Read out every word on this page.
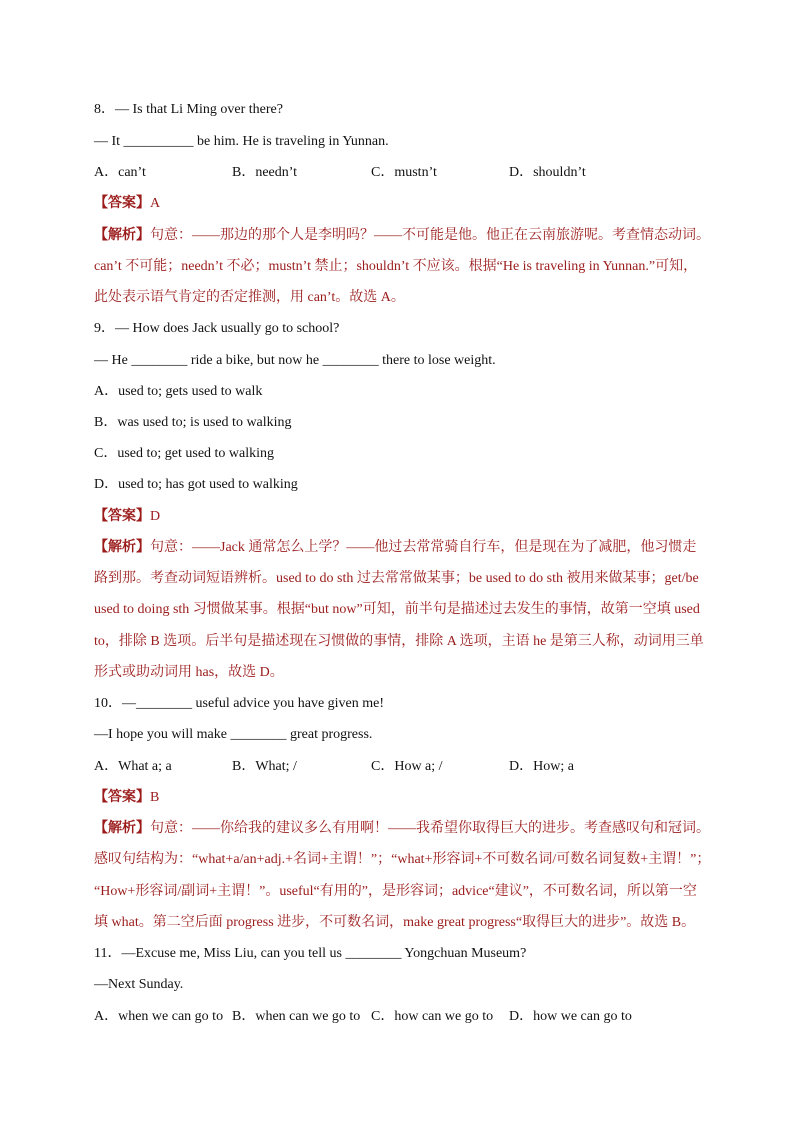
8．— Is that Li Ming over there?
— It __________ be him. He is traveling in Yunnan.
A．can’t	B．needn’t	C．mustn’t	D．shouldn’t
【答案】A
【解析】句意：——那边的那个人是李明吗？——不可能是他。他正在云南旅游呢。考查情态动词。
can’t 不可能；needn’t 不必；mustn’t 禁止；shouldn’t 不应该。根据“He is traveling in Yunnan.”可知，
此处表示语气肯定的否定推测，用 can’t。故选 A。
9．— How does Jack usually go to school?
— He ________ ride a bike, but now he ________ there to lose weight.
A．used to; gets used to walk
B．was used to; is used to walking
C．used to; get used to walking
D．used to; has got used to walking
【答案】D
【解析】句意：——Jack 通常怎么上学？——他过去常常骑自行车，但是现在为了减肥，他习惯走
路到那。考查动词短语辨析。used to do sth 过去常常做某事；be used to do sth 被用来做某事；get/be
used to doing sth 习惯做某事。根据“but now”可知，前半句是描述过去发生的事情，故第一空填 used
to，排除 B 选项。后半句是描述现在习惯做的事情，排除 A 选项，主语 he 是第三人称，动词用三单
形式或助动词用 has，故选 D。
10．—________ useful advice you have given me!
—I hope you will make ________ great progress.
A．What a; a	B．What; /	C．How a; /	D．How; a
【答案】B
【解析】句意：——你给我的建议多么有用啊！——我希望你取得巨大的进步。考查感叹句和冠词。
感叹句结构为：“what+a/an+adj.+名词+主谓！”；“what+形容词+不可数名词/可数名词复数+主谓！”；
“How+形容词/副词+主谓！”。useful“有用的”，是形容词；advice“建议”，不可数名词，所以第一空
填 what。第二空后面 progress 进步，不可数名词，make great progress“取得巨大的进步”。故选 B。
11．—Excuse me, Miss Liu, can you tell us ________ Yongchuan Museum?
—Next Sunday.
A．when we can go to B．when can we go to C．how can we go to D．how we can go to
